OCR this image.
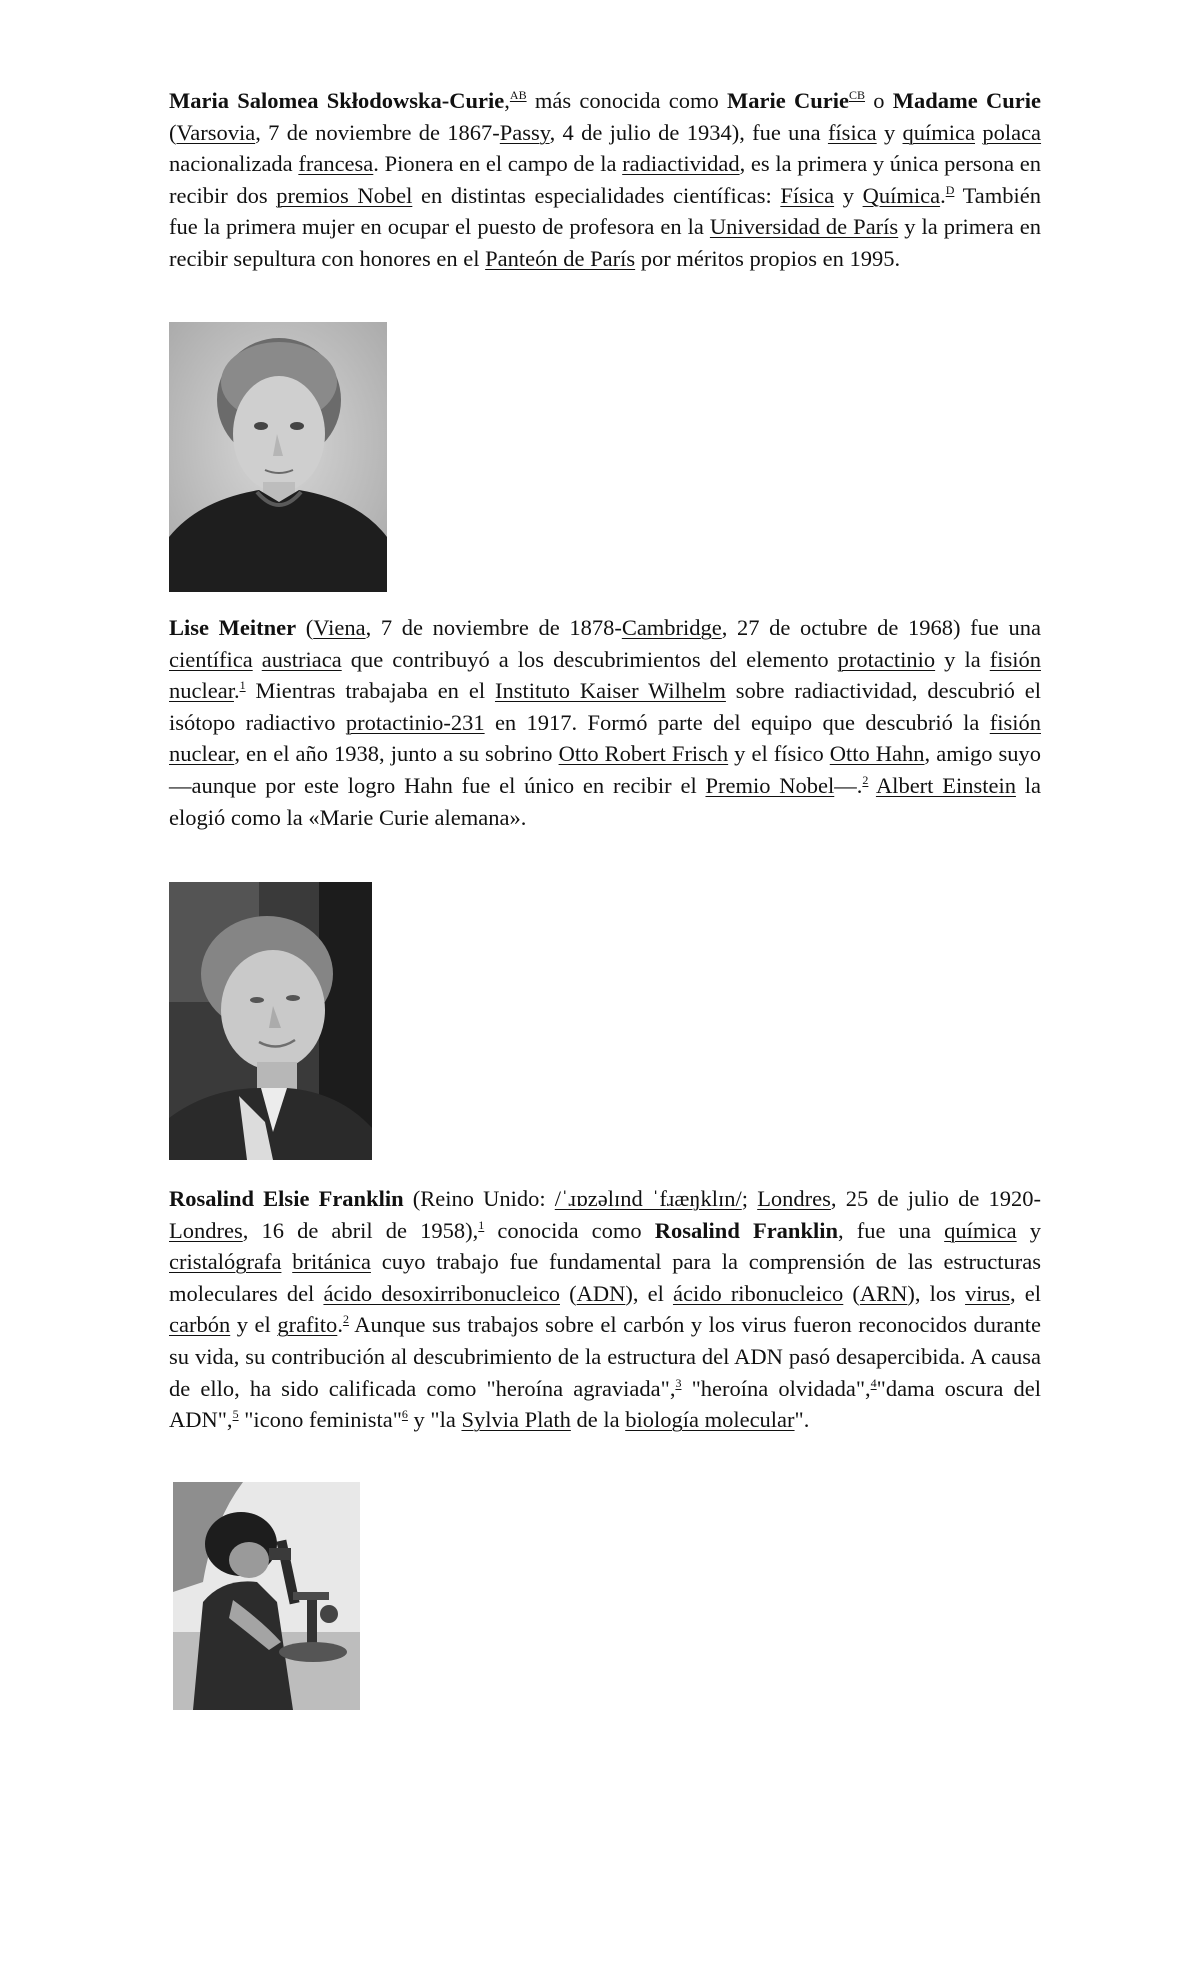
Maria Salomea Skłodowska-Curie,$^{AB}$ más conocida como Marie Curie$^{CB}$ o Madame Curie (Varsovia, 7 de noviembre de 1867-Passy, 4 de julio de 1934), fue una física y química polaca nacionalizada francesa. Pionera en el campo de la radiactividad, es la primera y única persona en recibir dos premios Nobel en distintas especialidades científicas: Física y Química.$^D$ También fue la primera mujer en ocupar el puesto de profesora en la Universidad de París y la primera en recibir sepultura con honores en el Panteón de París por méritos propios en 1995.

Lise Meitner (Viena, 7 de noviembre de 1878-Cambridge, 27 de octubre de 1968) fue una científica austriaca que contribuyó a los descubrimientos del elemento protactinio y la fisión nuclear.$^1$ Mientras trabajaba en el Instituto Kaiser Wilhelm sobre radiactividad, descubrió el isótopo radiactivo protactinio-231 en 1917. Formó parte del equipo que descubrió la fisión nuclear, en el año 1938, junto a su sobrino Otto Robert Frisch y el físico Otto Hahn, amigo suyo —aunque por este logro Hahn fue el único en recibir el Premio Nobel—.$^2$ Albert Einstein la elogió como la «Marie Curie alemana».

Rosalind Elsie Franklin (Reino Unido: /ˈɹɒzəlɪnd ˈfɹæŋklɪn/; Londres, 25 de julio de 1920-Londres, 16 de abril de 1958),$^1$ conocida como Rosalind Franklin, fue una química y cristalógrafa británica cuyo trabajo fue fundamental para la comprensión de las estructuras moleculares del ácido desoxirribonucleico (ADN), el ácido ribonucleico (ARN), los virus, el carbón y el grafito.$^2$ Aunque sus trabajos sobre el carbón y los virus fueron reconocidos durante su vida, su contribución al descubrimiento de la estructura del ADN pasó desapercibida. A causa de ello, ha sido calificada como "heroína agraviada",$^3$ "heroína olvidada",$^4$"dama oscura del ADN",$^5$ "icono feminista"$^6$ y "la Sylvia Plath de la biología molecular".
